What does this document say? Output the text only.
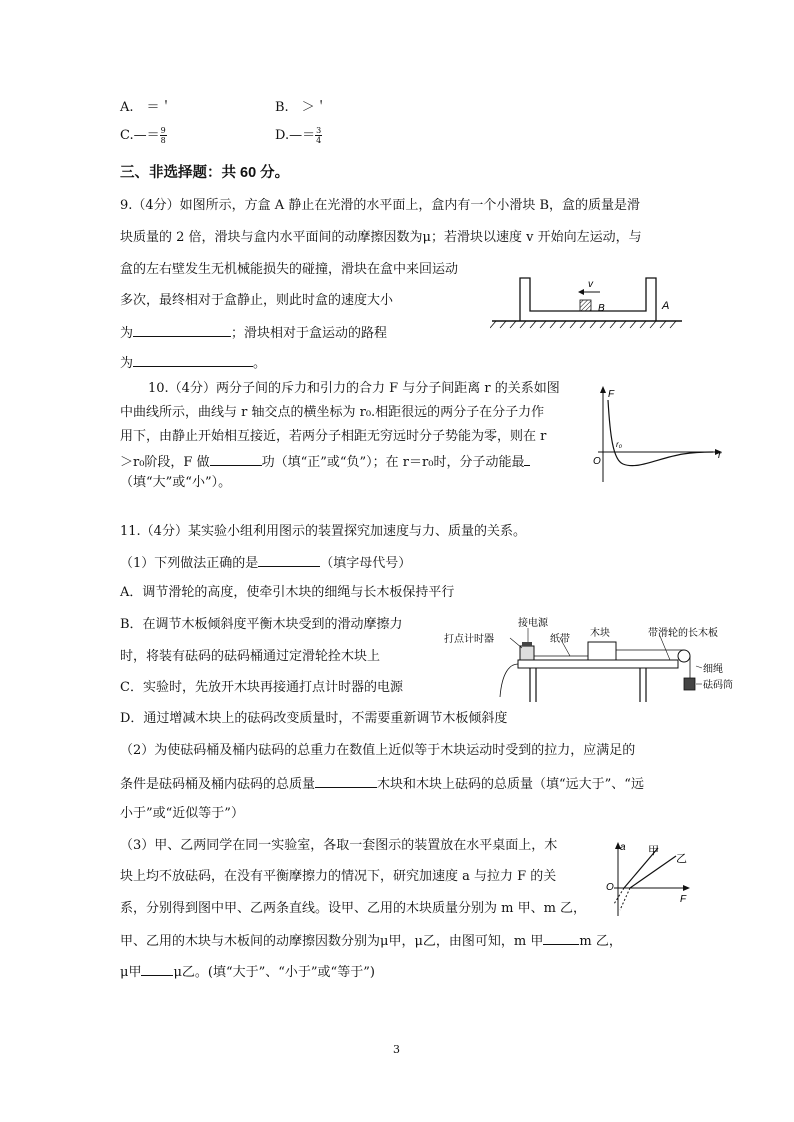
A.　＝＇	B.　＞＇
C.—＝ $\frac{9}{8}$	D.—＝ $\frac{3}{4}$
三、非选择题：共 60 分。
9.（4分）如图所示，方盒 A 静止在光滑的水平面上，盒内有一个小滑块 B，盒的质量是滑
块质量的 2 倍，滑块与盒内水平面间的动摩擦因数为μ；若滑块以速度 v 开始向左运动，与
盒的左右壁发生无机械能损失的碰撞，滑块在盒中来回运动
多次，最终相对于盒静止，则此时盒的速度大小
为	；滑块相对于盒运动的路程
为	。
v
B	A
10.（4分）两分子间的斥力和引力的合力 F 与分子间距离 r 的关系如图
中曲线所示，曲线与 r 轴交点的横坐标为 r₀.相距很远的两分子在分子力作
用下，由静止开始相互接近，若两分子相距无穷远时分子势能为零，则在 r
＞r₀阶段，F 做	功（填“正”或“负”）；在 r＝r₀时，分子动能最
（填“大”或“小”）。
F
r
O
r₀
11.（4分）某实验小组利用图示的装置探究加速度与力、质量的关系。
（1）下列做法正确的是	（填字母代号）
A．调节滑轮的高度，使牵引木块的细绳与长木板保持平行
B．在调节木板倾斜度平衡木块受到的滑动摩擦力
时，将装有砝码的砝码桶通过定滑轮拴木块上
C．实验时，先放开木块再接通打点计时器的电源
D．通过增减木块上的砝码改变质量时，不需要重新调节木板倾斜度
（2）为使砝码桶及桶内砝码的总重力在数值上近似等于木块运动时受到的拉力，应满足的
条件是砝码桶及桶内砝码的总质量	木块和木块上砝码的总质量（填“远大于”、“远
小于”或“近似等于”）
（3）甲、乙两同学在同一实验室，各取一套图示的装置放在水平桌面上，木
块上均不放砝码，在没有平衡摩擦力的情况下，研究加速度 a 与拉力 F 的关
系，分别得到图中甲、乙两条直线。设甲、乙用的木块质量分别为 m 甲、m 乙，
甲、乙用的木块与木板间的动摩擦因数分别为μ甲，μ乙，由图可知，m 甲	m 乙，
μ甲 μ乙。(填“大于”、“小于”或“等于”)
接电源
打点计时器	纸带
木块	带滑轮的长木板
细绳
砝码筒
a
F
O
甲
乙
3
